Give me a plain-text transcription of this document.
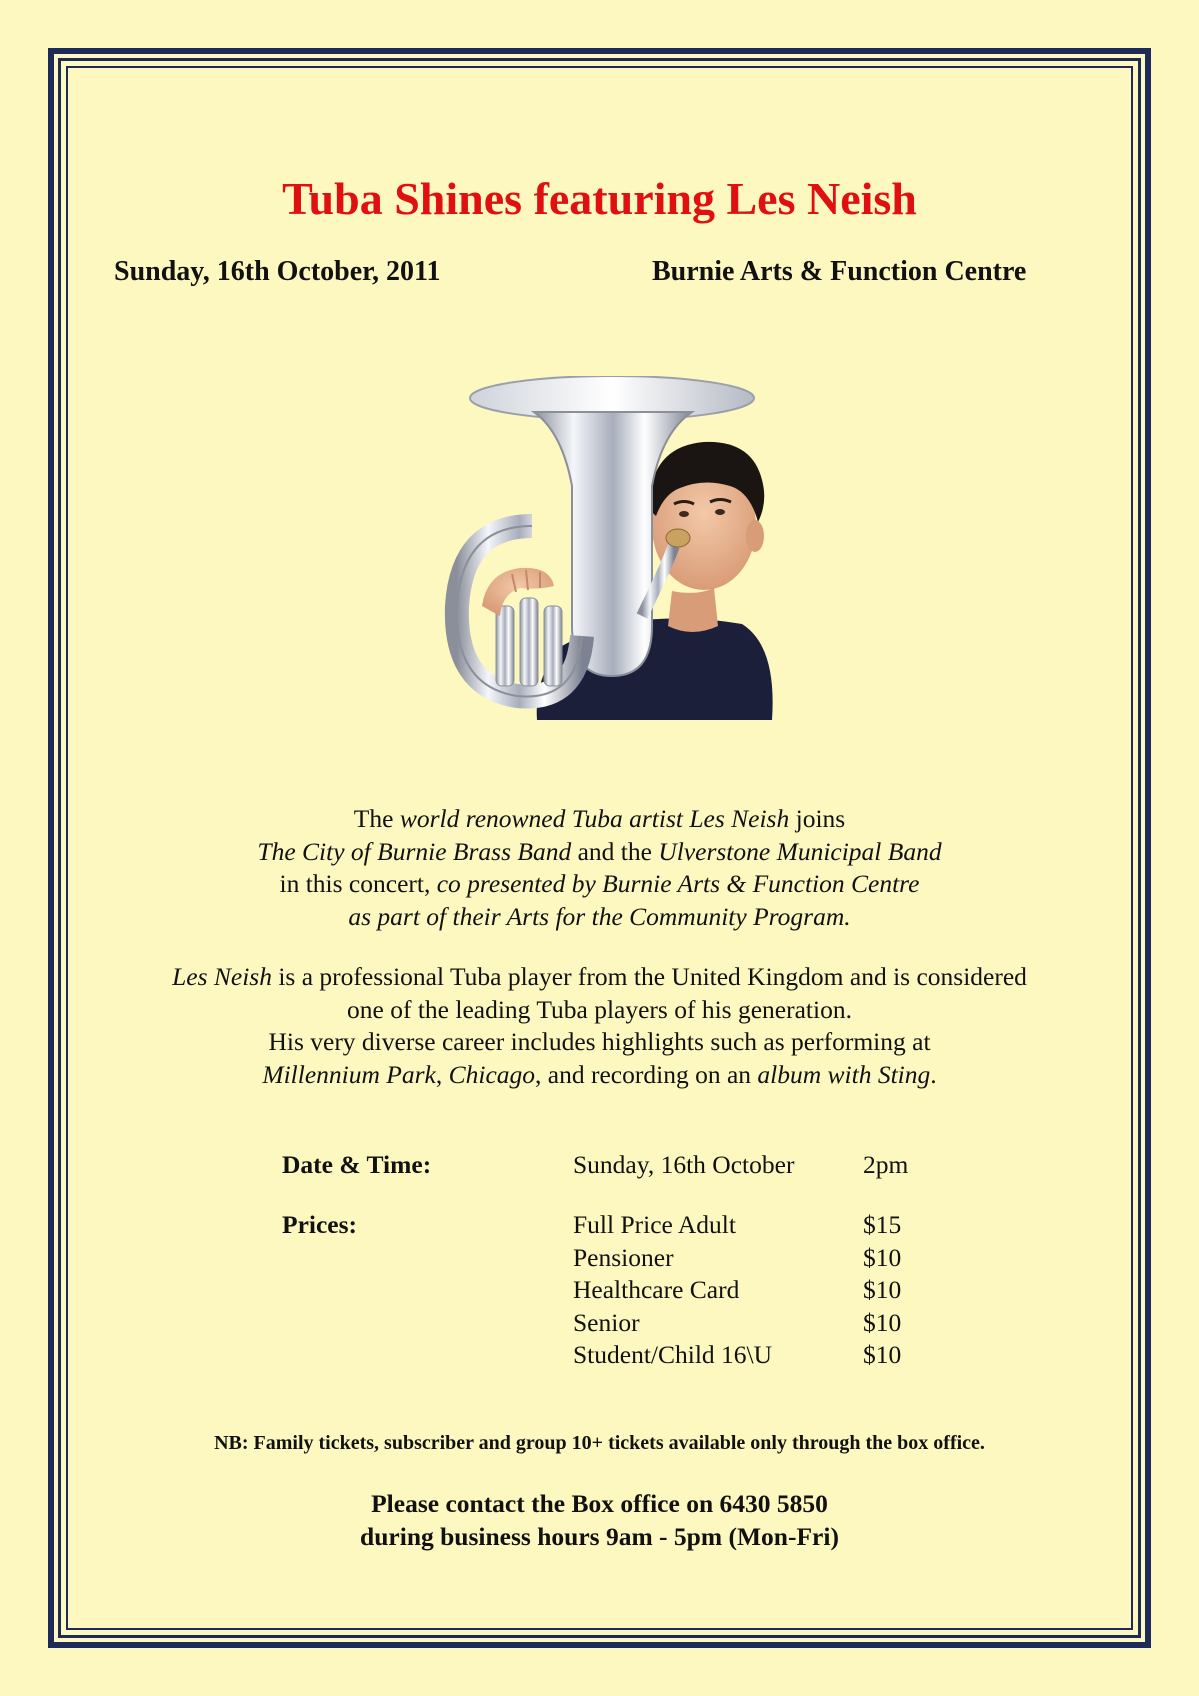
Tuba Shines featuring Les Neish
Sunday, 16th October, 2011	Burnie Arts & Function Centre
The world renowned Tuba artist Les Neish joins
The City of Burnie Brass Band and the Ulverstone Municipal Band
in this concert, co presented by Burnie Arts & Function Centre
as part of their Arts for the Community Program.
Les Neish is a professional Tuba player from the United Kingdom and is considered
one of the leading Tuba players of his generation.
His very diverse career includes highlights such as performing at
Millennium Park, Chicago, and recording on an album with Sting.
Date & Time:	Sunday, 16th October	2pm
Prices:	Full Price Adult	$15
Pensioner	$10
Healthcare Card	$10
Senior	$10
Student/Child 16\U	$10
NB: Family tickets, subscriber and group 10+ tickets available only through the box office.
Please contact the Box office on 6430 5850
during business hours 9am - 5pm (Mon-Fri)
